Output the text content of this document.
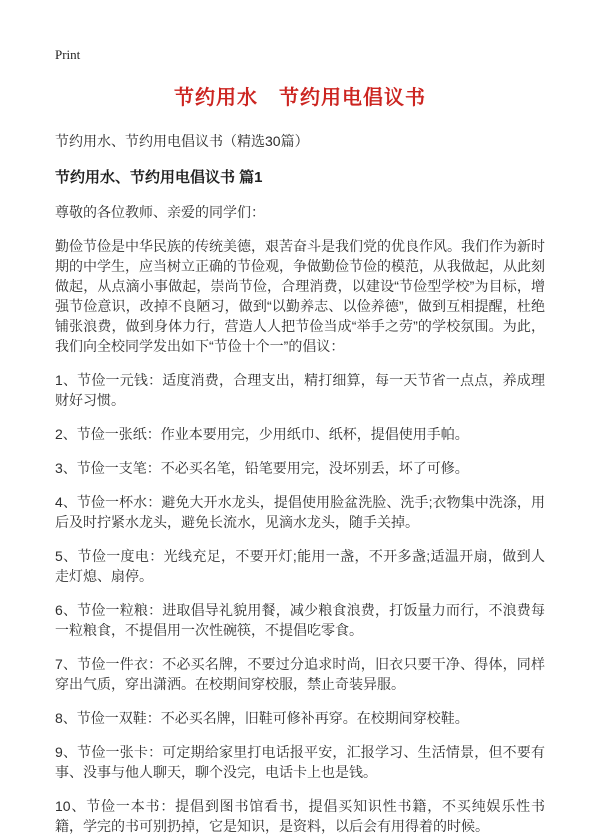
Print
节约用水　节约用电倡议书
节约用水、节约用电倡议书（精选30篇）
节约用水、节约用电倡议书 篇1

尊敬的各位教师、亲爱的同学们：

勤俭节俭是中华民族的传统美德，艰苦奋斗是我们党的优良作风。我们作为新时期的中学生，应当树立正确的节俭观，争做勤俭节俭的模范，从我做起，从此刻做起，从点滴小事做起，崇尚节俭，合理消费，以建设“节俭型学校”为目标，增强节俭意识，改掉不良陋习，做到“以勤养志、以俭养德”，做到互相提醒，杜绝铺张浪费，做到身体力行，营造人人把节俭当成“举手之劳”的学校氛围。为此，我们向全校同学发出如下“节俭十个一”的倡议：

1、节俭一元钱：适度消费，合理支出，精打细算，每一天节省一点点，养成理财好习惯。

2、节俭一张纸：作业本要用完，少用纸巾、纸杯，提倡使用手帕。

3、节俭一支笔：不必买名笔，铅笔要用完，没坏别丢，坏了可修。

4、节俭一杯水：避免大开水龙头，提倡使用脸盆洗脸、洗手;衣物集中洗涤，用后及时拧紧水龙头，避免长流水，见滴水龙头，随手关掉。

5、节俭一度电：光线充足，不要开灯;能用一盏，不开多盏;适温开扇，做到人走灯熄、扇停。

6、节俭一粒粮：进取倡导礼貌用餐，减少粮食浪费，打饭量力而行，不浪费每一粒粮食，不提倡用一次性碗筷，不提倡吃零食。

7、节俭一件衣：不必买名牌，不要过分追求时尚，旧衣只要干净、得体，同样穿出气质，穿出潇洒。在校期间穿校服，禁止奇装异服。

8、节俭一双鞋：不必买名牌，旧鞋可修补再穿。在校期间穿校鞋。

9、节俭一张卡：可定期给家里打电话报平安，汇报学习、生活情景，但不要有事、没事与他人聊天，聊个没完，电话卡上也是钱。

10、节俭一本书：提倡到图书馆看书，提倡买知识性书籍，不买纯娱乐性书籍，学完的书可别扔掉，它是知识，是资料，以后会有用得着的时候。
